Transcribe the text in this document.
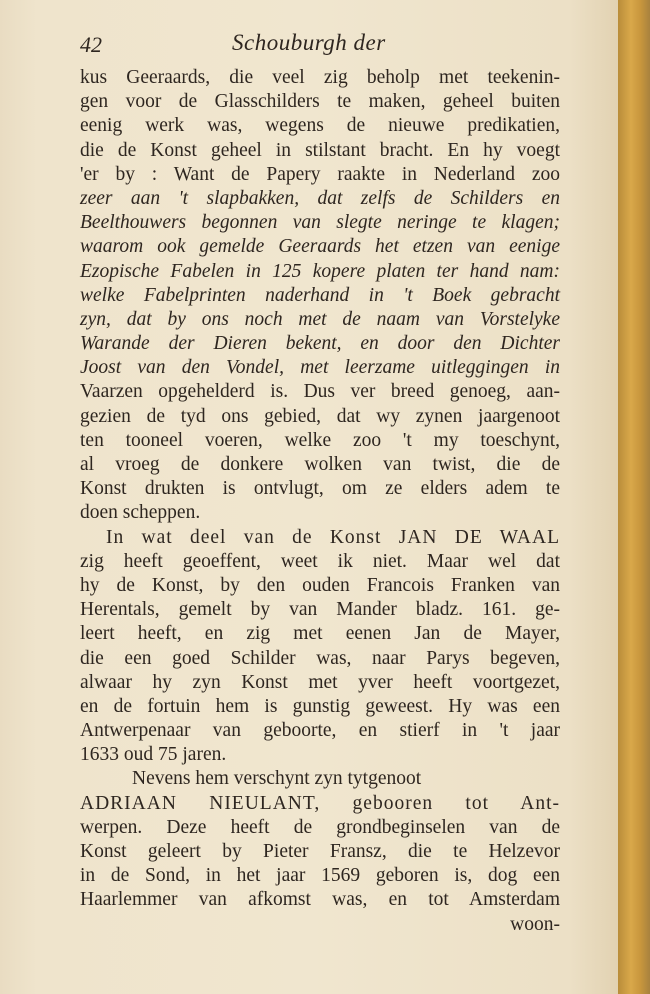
42	Schouburgh der
kus Geeraards, die veel zig beholp met teekenin-
gen voor de Glasschilders te maken, geheel buiten
eenig werk was, wegens de nieuwe predikatien,
die de Konst geheel in stilstant bracht. En hy voegt
'er by : Want de Papery raakte in Nederland zoo
zeer aan 't slapbakken, dat zelfs de Schilders en
Beelthouwers begonnen van slegte neringe te klagen;
waarom ook gemelde Geeraards het etzen van eenige
Ezopische Fabelen in 125 kopere platen ter hand nam:
welke Fabelprinten naderhand in 't Boek gebracht
zyn, dat by ons noch met de naam van Vorstelyke
Warande der Dieren bekent, en door den Dichter
Joost van den Vondel, met leerzame uitleggingen in
Vaarzen opgehelderd is. Dus ver breed genoeg, aan-
gezien de tyd ons gebied, dat wy zynen jaargenoot
ten tooneel voeren, welke zoo 't my toeschynt,
al vroeg de donkere wolken van twist, die de
Konst drukten is ontvlugt, om ze elders adem te
doen scheppen.
In wat deel van de Konst JAN DE WAAL
zig heeft geoeffent, weet ik niet. Maar wel dat
hy de Konst, by den ouden Francois Franken van
Herentals, gemelt by van Mander bladz. 161. ge-
leert heeft, en zig met eenen Jan de Mayer,
die een goed Schilder was, naar Parys begeven,
alwaar hy zyn Konst met yver heeft voortgezet,
en de fortuin hem is gunstig geweest. Hy was een
Antwerpenaar van geboorte, en stierf in 't jaar
1633 oud 75 jaren.
Nevens hem verschynt zyn tytgenoot
ADRIAAN NIEULANT, gebooren tot Ant-
werpen. Deze heeft de grondbeginselen van de
Konst geleert by Pieter Fransz, die te Helzevor
in de Sond, in het jaar 1569 geboren is, dog een
Haarlemmer van afkomst was, en tot Amsterdam
woon-
